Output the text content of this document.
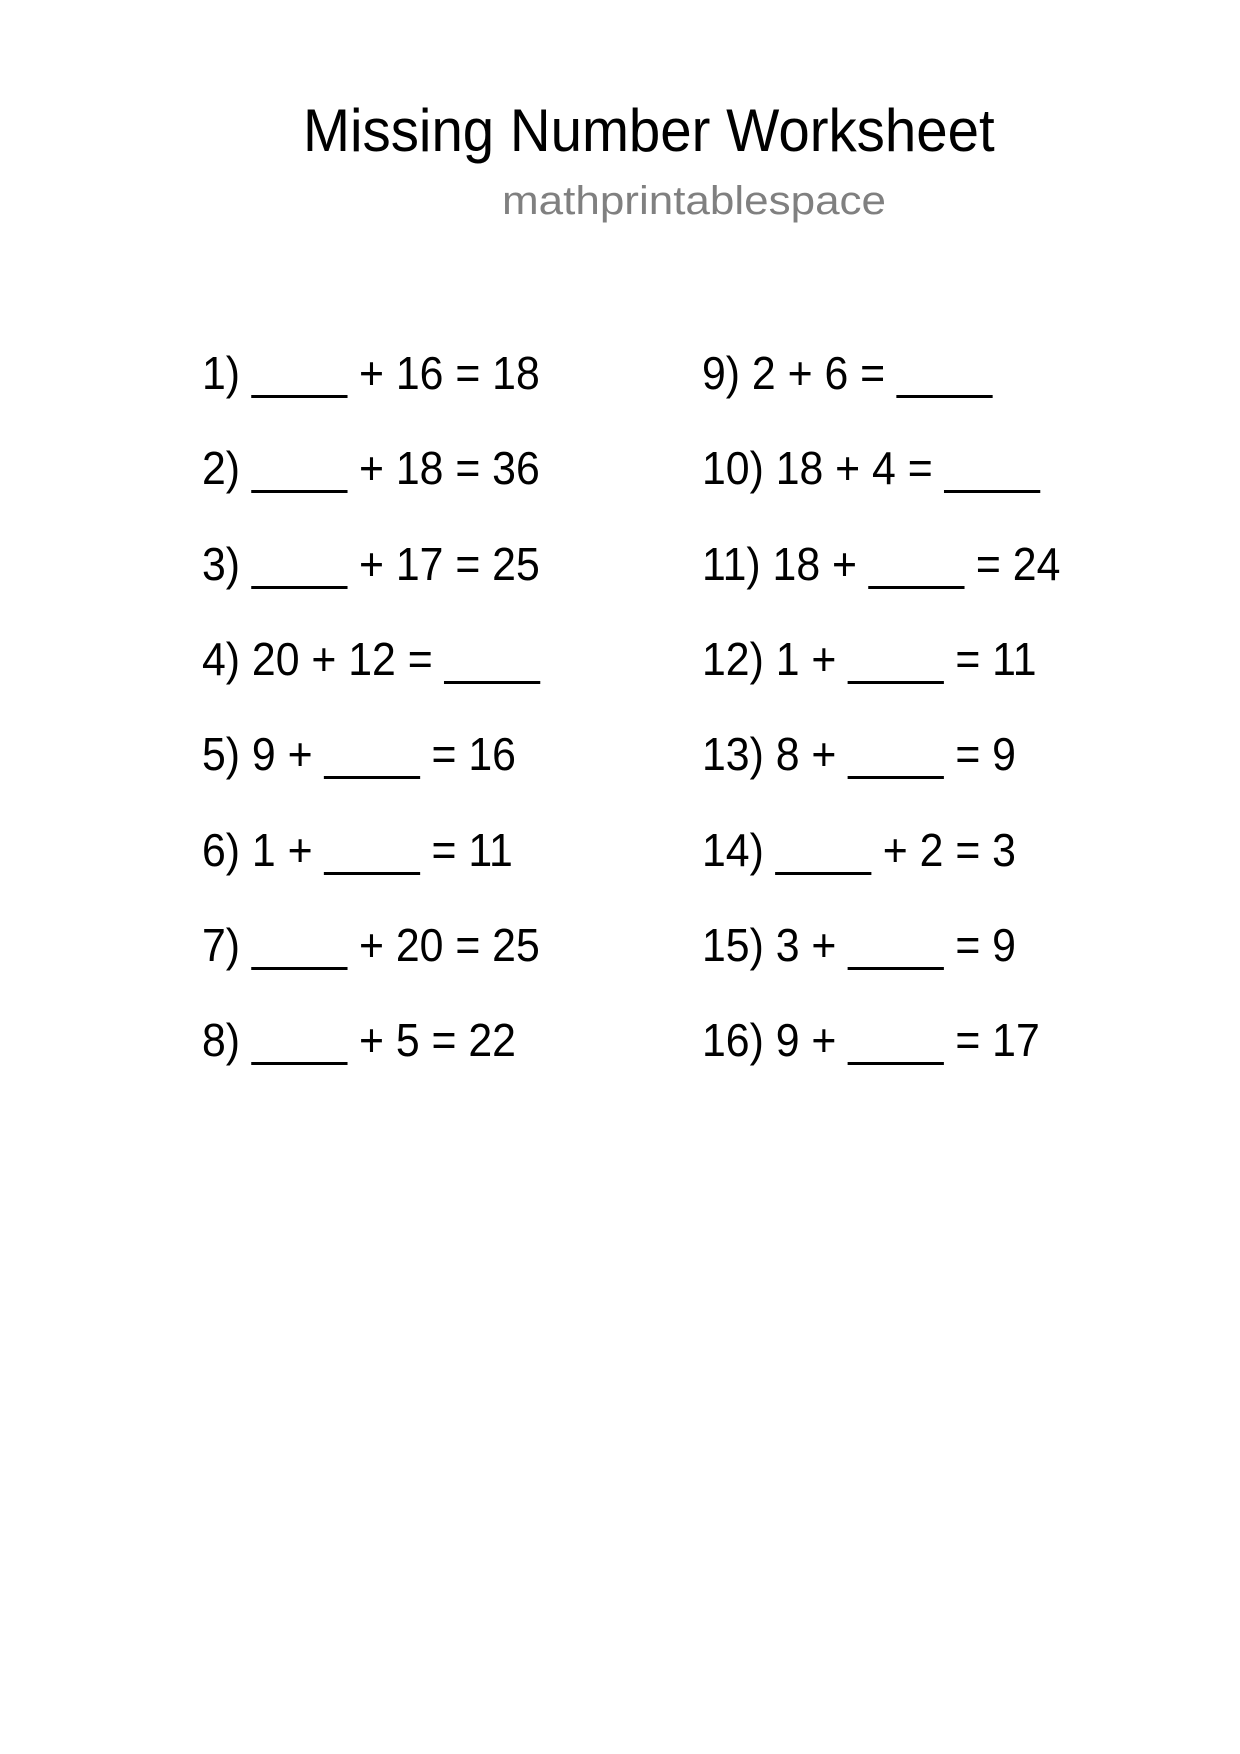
Missing Number Worksheet
mathprintablespace
1) ____ + 16 = 18
2) ____ + 18 = 36
3) ____ + 17 = 25
4) 20 + 12 = ____
5) 9 + ____ = 16
6) 1 + ____ = 11
7) ____ + 20 = 25
8) ____ + 5 = 22
9) 2 + 6 = ____
10) 18 + 4 = ____
11) 18 + ____ = 24
12) 1 + ____ = 11
13) 8 + ____ = 9
14) ____ + 2 = 3
15) 3 + ____ = 9
16) 9 + ____ = 17
